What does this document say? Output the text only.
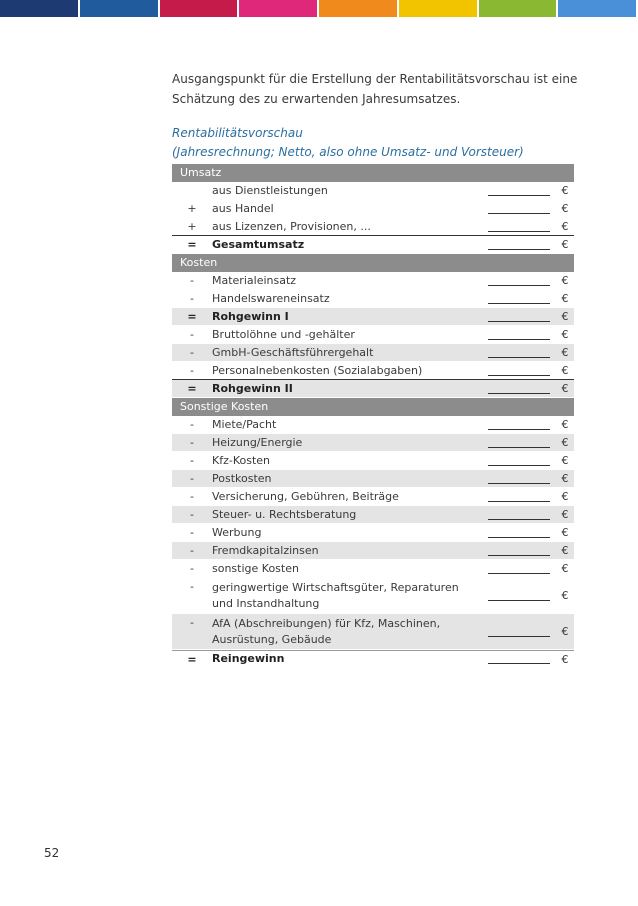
Ausgangspunkt für die Erstellung der Rentabilitätsvorschau ist eine Schätzung des zu erwartenden Jahresumsatzes.

Rentabilitätsvorschau
(Jahresrechnung; Netto, also ohne Umsatz- und Vorsteuer)
Umsatz
aus Dienstleistungen	€
+	aus Handel	€
+	aus Lizenzen, Provisionen, ...	€
=	Gesamtumsatz	€
Kosten
-	Materialeinsatz	€
-	Handelswareneinsatz	€
=	Rohgewinn I	€
-	Bruttolöhne und -gehälter	€
-	GmbH-Geschäftsführergehalt	€
-	Personalnebenkosten (Sozialabgaben)	€
=	Rohgewinn II	€
Sonstige Kosten
-	Miete/Pacht	€
-	Heizung/Energie	€
-	Kfz-Kosten	€
-	Postkosten	€
-	Versicherung, Gebühren, Beiträge	€
-	Steuer- u. Rechtsberatung	€
-	Werbung	€
-	Fremdkapitalzinsen	€
-	sonstige Kosten	€
-	geringwertige Wirtschaftsgüter, Reparaturen
und Instandhaltung
€
-	AfA (Abschreibungen) für Kfz, Maschinen,
Ausrüstung, Gebäude
€
=	Reingewinn	€
52
